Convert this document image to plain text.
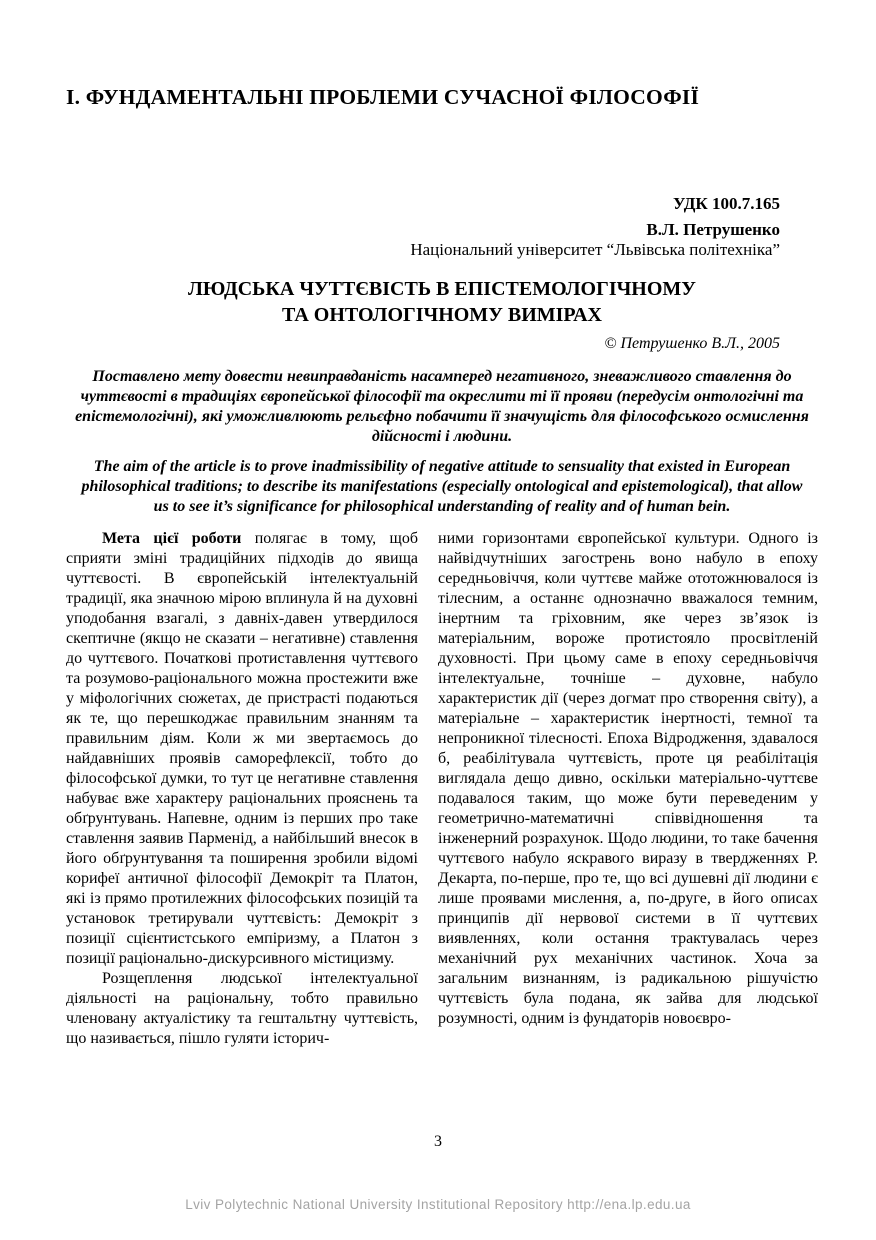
І. ФУНДАМЕНТАЛЬНІ ПРОБЛЕМИ СУЧАСНОЇ ФІЛОСОФІЇ
УДК 100.7.165
В.Л. Петрушенко
Національний університет “Львівська політехніка”
ЛЮДСЬКА ЧУТТЄВІСТЬ В ЕПІСТЕМОЛОГІЧНОМУ
ТА ОНТОЛОГІЧНОМУ ВИМІРАХ
© Петрушенко В.Л., 2005
Поставлено мету довести невиправданість насамперед негативного, зневажливого ставлення до чуттєвості в традиціях європейської філософії та окреслити ті її прояви (передусім онтологічні та епістемологічні), які уможливлюють рельєфно побачити її значущість для філософського осмислення дійсності і людини.
The aim of the article is to prove inadmissibility of negative attitude to sensuality that existed in European philosophical traditions; to describe its manifestations (especially ontological and epistemological), that allow us to see it’s significance for philosophical understanding of reality and of human bein.

Мета цієї роботи полягає в тому, щоб сприяти зміні традиційних підходів до явища чуттєвості. В європейській інтелектуальній традиції, яка значною мірою вплинула й на духовні уподобання взагалі, з давніх-давен утвердилося скептичне (якщо не сказати – негативне) ставлення до чуттєвого. Початкові протиставлення чуттєвого та розумово-раціонального можна простежити вже у міфологічних сюжетах, де пристрасті подаються як те, що перешкоджає правильним знанням та правильним діям. Коли ж ми звертаємось до найдавніших проявів саморефлексії, тобто до філософської думки, то тут це негативне ставлення набуває вже характеру раціональних прояснень та обґрунтувань. Напевне, одним із перших про таке ставлення заявив Парменід, а найбільший внесок в його обґрунтування та поширення зробили відомі корифеї античної філософії Демокріт та Платон, які із прямо протилежних філософських позицій та установок третирували чуттєвість: Демокріт з позиції сцієнтистського емпіризму, а Платон з позиції раціонально-дискурсивного містицизму.

Розщеплення людської інтелектуальної діяльності на раціональну, тобто правильно членовану актуалістику та гештальтну чуттєвість, що називається, пішло гуляти історич-

ними горизонтами європейської культури. Одного із найвідчутніших загострень воно набуло в епоху середньовіччя, коли чуттєве майже ототожнювалося із тілесним, а останнє однозначно вважалося темним, інертним та гріховним, яке через зв’язок із матеріальним, вороже протистояло просвітленій духовності. При цьому саме в епоху середньовіччя інтелектуальне, точніше – духовне, набуло характеристик дії (через догмат про створення світу), а матеріальне – характеристик інертності, темної та непроникної тілесності. Епоха Відродження, здавалося б, реабілітувала чуттєвість, проте ця реабілітація виглядала дещо дивно, оскільки матеріально-чуттєве подавалося таким, що може бути переведеним у геометрично-математичні співвідношення та інженерний розрахунок. Щодо людини, то таке бачення чуттєвого набуло яскравого виразу в твердженнях Р. Декарта, по-перше, про те, що всі душевні дії людини є лише проявами мислення, а, по-друге, в його описах принципів дії нервової системи в її чуттєвих виявленнях, коли остання трактувалась через механічний рух механічних частинок. Хоча за загальним визнанням, із радикальною рішучістю чуттєвість була подана, як зайва для людської розумності, одним із фундаторів новоєвро-

3
Lviv Polytechnic National University Institutional Repository http://ena.lp.edu.ua
